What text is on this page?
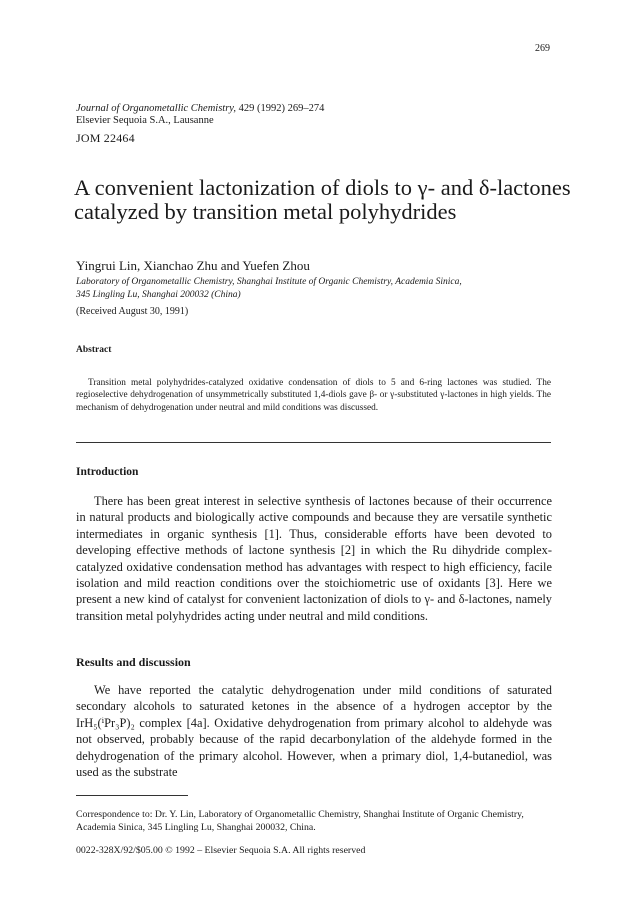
269
Journal of Organometallic Chemistry, 429 (1992) 269–274
Elsevier Sequoia S.A., Lausanne
JOM 22464
A convenient lactonization of diols to γ- and δ-lactones
catalyzed by transition metal polyhydrides
Yingrui Lin, Xianchao Zhu and Yuefen Zhou
Laboratory of Organometallic Chemistry, Shanghai Institute of Organic Chemistry, Academia Sinica,
345 Lingling Lu, Shanghai 200032 (China)
(Received August 30, 1991)
Abstract
Transition metal polyhydrides-catalyzed oxidative condensation of diols to 5 and 6-ring lactones was studied. The regioselective dehydrogenation of unsymmetrically substituted 1,4-diols gave β- or γ-substituted γ-lactones in high yields. The mechanism of dehydrogenation under neutral and mild conditions was discussed.
Introduction
There has been great interest in selective synthesis of lactones because of their occurrence in natural products and biologically active compounds and because they are versatile synthetic intermediates in organic synthesis [1]. Thus, considerable efforts have been devoted to developing effective methods of lactone synthesis [2] in which the Ru dihydride complex-catalyzed oxidative condensation method has advantages with respect to high efficiency, facile isolation and mild reaction conditions over the stoichiometric use of oxidants [3]. Here we present a new kind of catalyst for convenient lactonization of diols to γ- and δ-lactones, namely transition metal polyhydrides acting under neutral and mild conditions.
Results and discussion
We have reported the catalytic dehydrogenation under mild conditions of saturated secondary alcohols to saturated ketones in the absence of a hydrogen acceptor by the IrH₅(ⁱPr₃P)₂ complex [4a]. Oxidative dehydrogenation from primary alcohol to aldehyde was not observed, probably because of the rapid decarbonylation of the aldehyde formed in the dehydrogenation of the primary alcohol. However, when a primary diol, 1,4-butanediol, was used as the substrate
Correspondence to: Dr. Y. Lin, Laboratory of Organometallic Chemistry, Shanghai Institute of Organic Chemistry, Academia Sinica, 345 Lingling Lu, Shanghai 200032, China.
0022-328X/92/$05.00 © 1992 – Elsevier Sequoia S.A. All rights reserved
